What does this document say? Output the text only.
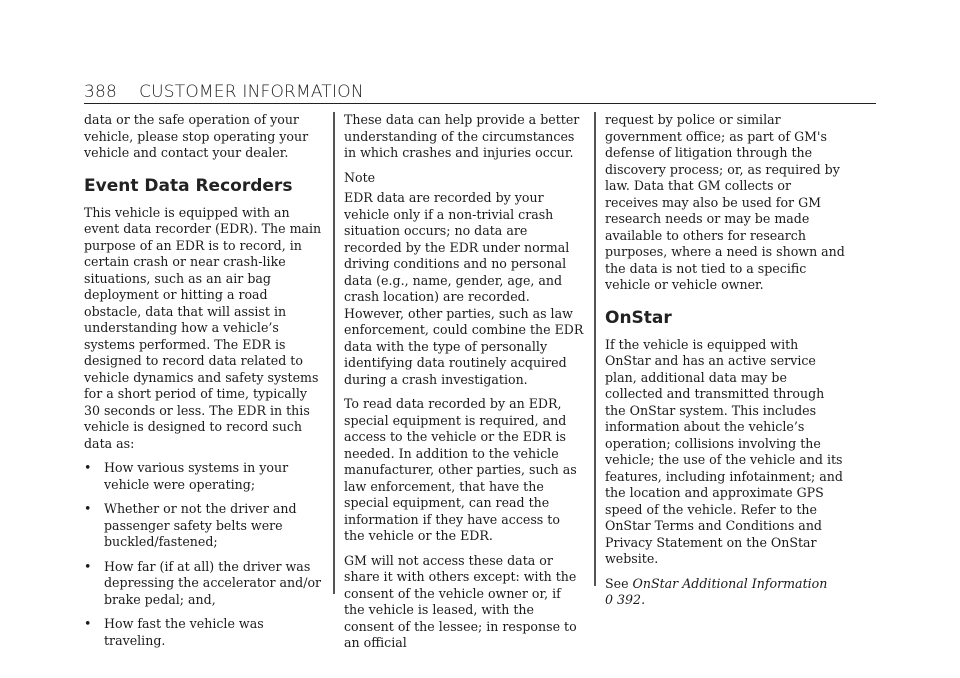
388 CUSTOMER INFORMATION

data or the safe operation of your vehicle, please stop operating your vehicle and contact your dealer.

Event Data Recorders

This vehicle is equipped with an event data recorder (EDR). The main purpose of an EDR is to record, in certain crash or near crash-like situations, such as an air bag deployment or hitting a road obstacle, data that will assist in understanding how a vehicle’s systems performed. The EDR is designed to record data related to vehicle dynamics and safety systems for a short period of time, typically 30 seconds or less. The EDR in this vehicle is designed to record such data as:

• How various systems in your vehicle were operating;
• Whether or not the driver and passenger safety belts were buckled/fastened;
• How far (if at all) the driver was depressing the accelerator and/or brake pedal; and,
• How fast the vehicle was traveling.

These data can help provide a better understanding of the circumstances in which crashes and injuries occur.

Note

EDR data are recorded by your vehicle only if a non-trivial crash situation occurs; no data are recorded by the EDR under normal driving conditions and no personal data (e.g., name, gender, age, and crash location) are recorded. However, other parties, such as law enforcement, could combine the EDR data with the type of personally identifying data routinely acquired during a crash investigation.

To read data recorded by an EDR, special equipment is required, and access to the vehicle or the EDR is needed. In addition to the vehicle manufacturer, other parties, such as law enforcement, that have the special equipment, can read the information if they have access to the vehicle or the EDR.

GM will not access these data or share it with others except: with the consent of the vehicle owner or, if the vehicle is leased, with the consent of the lessee; in response to an official

request by police or similar government office; as part of GM's defense of litigation through the discovery process; or, as required by law. Data that GM collects or receives may also be used for GM research needs or may be made available to others for research purposes, where a need is shown and the data is not tied to a specific vehicle or vehicle owner.

OnStar

If the vehicle is equipped with OnStar and has an active service plan, additional data may be collected and transmitted through the OnStar system. This includes information about the vehicle’s operation; collisions involving the vehicle; the use of the vehicle and its features, including infotainment; and the location and approximate GPS speed of the vehicle. Refer to the OnStar Terms and Conditions and Privacy Statement on the OnStar website.

See OnStar Additional Information
0 392.
